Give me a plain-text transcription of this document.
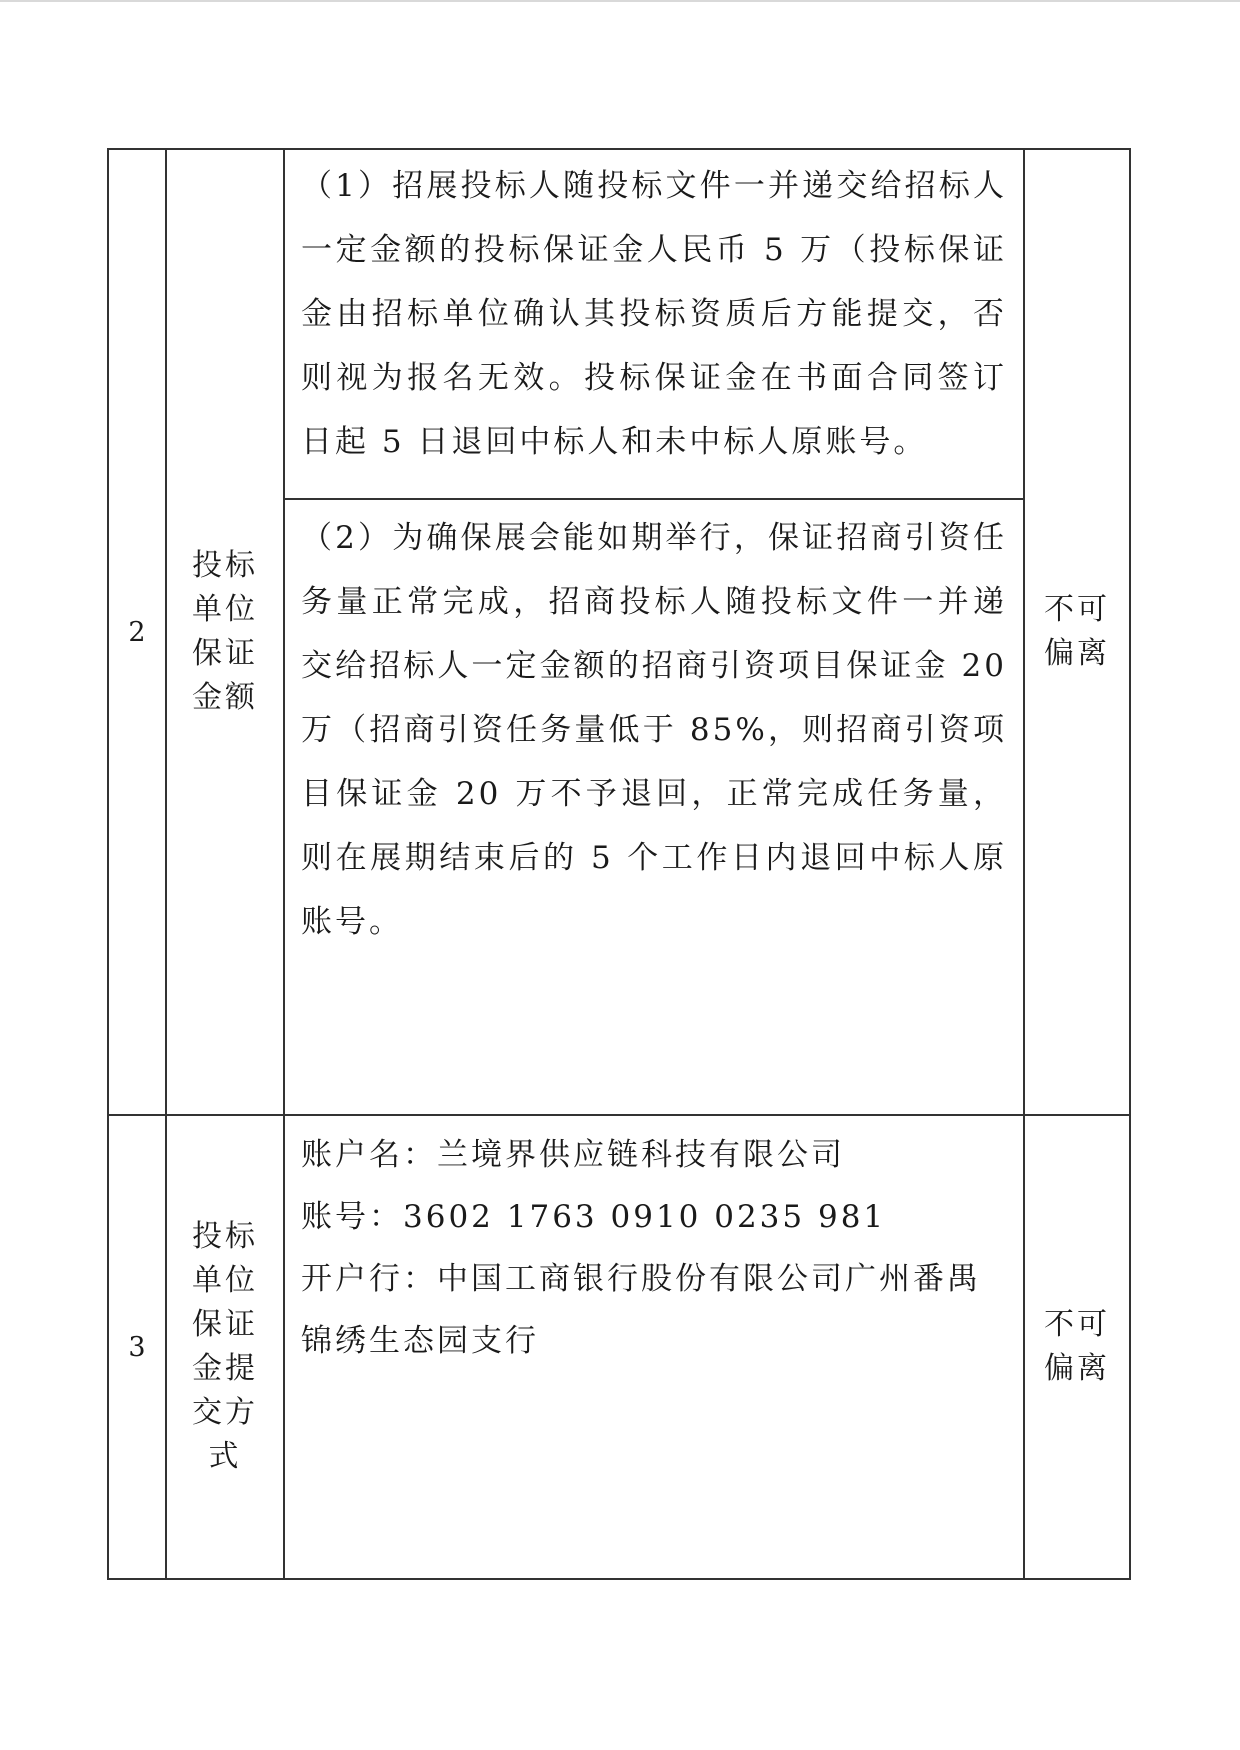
2	投标单位保证金额	（1）招展投标人随投标文件一并递交给招标人一定金额的投标保证金人民币 5 万（投标保证金由招标单位确认其投标资质后方能提交，否则视为报名无效。投标保证金在书面合同签订日起 5 日退回中标人和未中标人原账号。

（2）为确保展会能如期举行，保证招商引资任务量正常完成，招商投标人随投标文件一并递交给招标人一定金额的招商引资项目保证金 20 万（招商引资任务量低于 85%，则招商引资项目保证金 20 万不予退回，正常完成任务量，则在展期结束后的 5 个工作日内退回中标人原账号。	不可偏离
3	投标单位保证金提交方式	账户名：兰境界供应链科技有限公司

账号：3602 1763 0910 0235 981

开户行：中国工商银行股份有限公司广州番禺锦绣生态园支行	不可偏离
